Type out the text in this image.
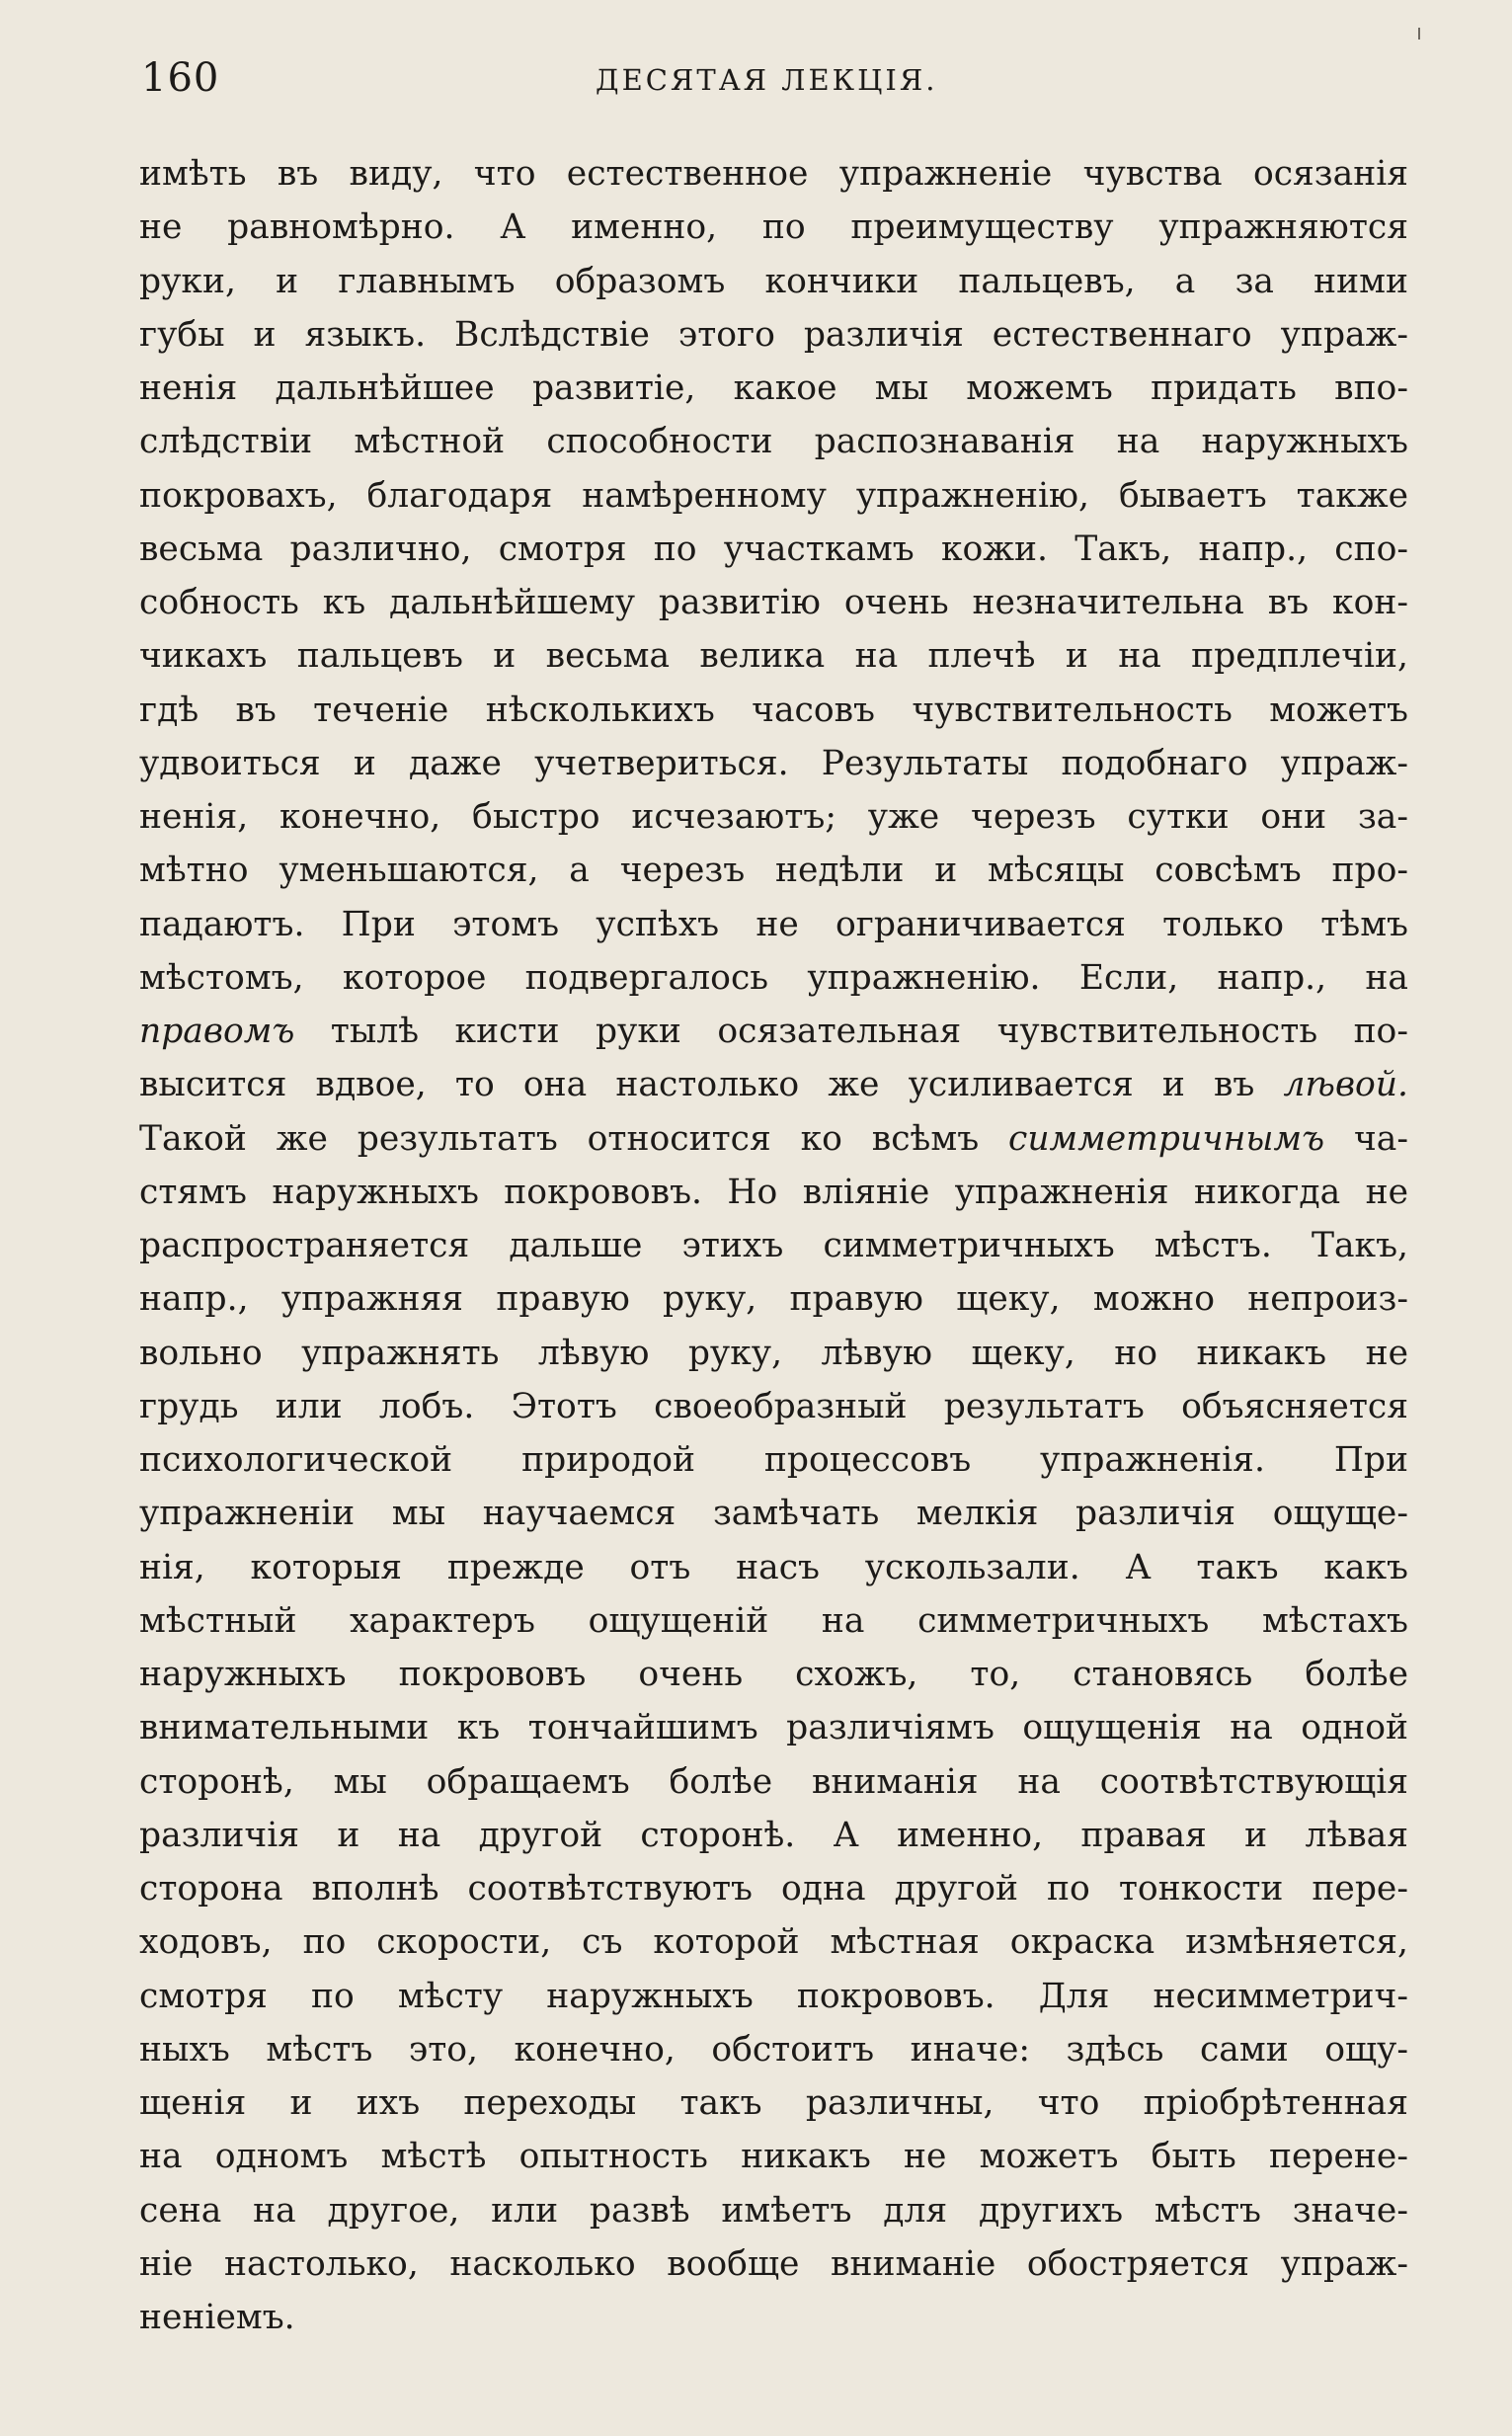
160	ДЕСЯТАЯ ЛЕКЦІЯ.
имѣть въ виду, что естественное упражненіе чувства осязанія
не равномѣрно. А именно, по преимуществу упражняются
руки, и главнымъ образомъ кончики пальцевъ, а за ними
губы и языкъ. Вслѣдствіе этого различія естественнаго упраж-
ненія дальнѣйшее развитіе, какое мы можемъ придать впо-
слѣдствіи мѣстной способности распознаванія на наружныхъ
покровахъ, благодаря намѣренному упражненію, бываетъ также
весьма различно, смотря по участкамъ кожи. Такъ, напр., спо-
собность къ дальнѣйшему развитію очень незначительна въ кон-
чикахъ пальцевъ и весьма велика на плечѣ и на предплечіи,
гдѣ въ теченіе нѣсколькихъ часовъ чувствительность можетъ
удвоиться и даже учетвериться. Результаты подобнаго упраж-
ненія, конечно, быстро исчезаютъ; уже черезъ сутки они за-
мѣтно уменьшаются, а черезъ недѣли и мѣсяцы совсѣмъ про-
падаютъ. При этомъ успѣхъ не ограничивается только тѣмъ
мѣстомъ, которое подвергалось упражненію. Если, напр., на
правомъ тылѣ кисти руки осязательная чувствительность по-
высится вдвое, то она настолько же усиливается и въ лѣвой.
Такой же результатъ относится ко всѣмъ симметричнымъ ча-
стямъ наружныхъ покрововъ. Но вліяніе упражненія никогда не
распространяется дальше этихъ симметричныхъ мѣстъ. Такъ,
напр., упражняя правую руку, правую щеку, можно непроиз-
вольно упражнять лѣвую руку, лѣвую щеку, но никакъ не
грудь или лобъ. Этотъ своеобразный результатъ объясняется
психологической природой процессовъ упражненія. При
упражненіи мы научаемся замѣчать мелкія различія ощуще-
нія, которыя прежде отъ насъ ускользали. А такъ какъ
мѣстный характеръ ощущеній на симметричныхъ мѣстахъ
наружныхъ покрововъ очень схожъ, то, становясь болѣе
внимательными къ тончайшимъ различіямъ ощущенія на одной
сторонѣ, мы обращаемъ болѣе вниманія на соотвѣтствующія
различія и на другой сторонѣ. А именно, правая и лѣвая
сторона вполнѣ соотвѣтствуютъ одна другой по тонкости пере-
ходовъ, по скорости, съ которой мѣстная окраска измѣняется,
смотря по мѣсту наружныхъ покрововъ. Для несимметрич-
ныхъ мѣстъ это, конечно, обстоитъ иначе: здѣсь сами ощу-
щенія и ихъ переходы такъ различны, что пріобрѣтенная
на одномъ мѣстѣ опытность никакъ не можетъ быть перене-
сена на другое, или развѣ имѣетъ для другихъ мѣстъ значе-
ніе настолько, насколько вообще вниманіе обостряется упраж-
неніемъ.
